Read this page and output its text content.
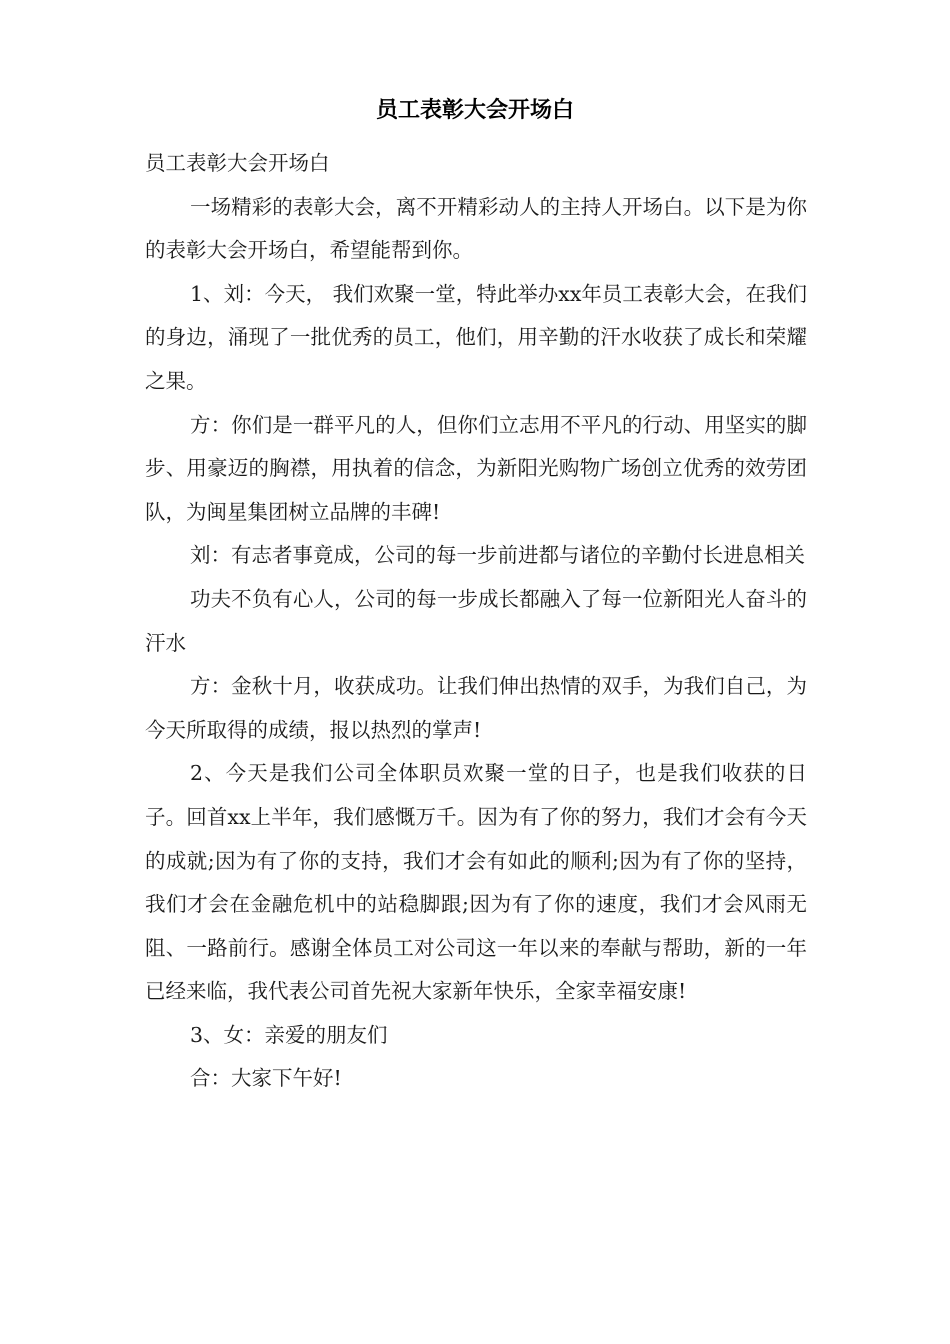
员工表彰大会开场白

员工表彰大会开场白

一场精彩的表彰大会，离不开精彩动人的主持人开场白。以下是为你的表彰大会开场白，希望能帮到你。

1、刘：今天， 我们欢聚一堂，特此举办xx年员工表彰大会，在我们的身边，涌现了一批优秀的员工，他们，用辛勤的汗水收获了成长和荣耀之果。

方：你们是一群平凡的人，但你们立志用不平凡的行动、用坚实的脚步、用豪迈的胸襟，用执着的信念，为新阳光购物广场创立优秀的效劳团队，为闽星集团树立品牌的丰碑!

刘：有志者事竟成，公司的每一步前进都与诸位的辛勤付长进息相关

功夫不负有心人，公司的每一步成长都融入了每一位新阳光人奋斗的汗水

方：金秋十月，收获成功。让我们伸出热情的双手，为我们自己，为今天所取得的成绩，报以热烈的掌声!

2、今天是我们公司全体职员欢聚一堂的日子，也是我们收获的日子。回首xx上半年，我们感慨万千。因为有了你的努力，我们才会有今天的成就;因为有了你的支持，我们才会有如此的顺利;因为有了你的坚持，我们才会在金融危机中的站稳脚跟;因为有了你的速度，我们才会风雨无阻、一路前行。感谢全体员工对公司这一年以来的奉献与帮助，新的一年已经来临，我代表公司首先祝大家新年快乐，全家幸福安康!

3、女：亲爱的朋友们

合：大家下午好!
